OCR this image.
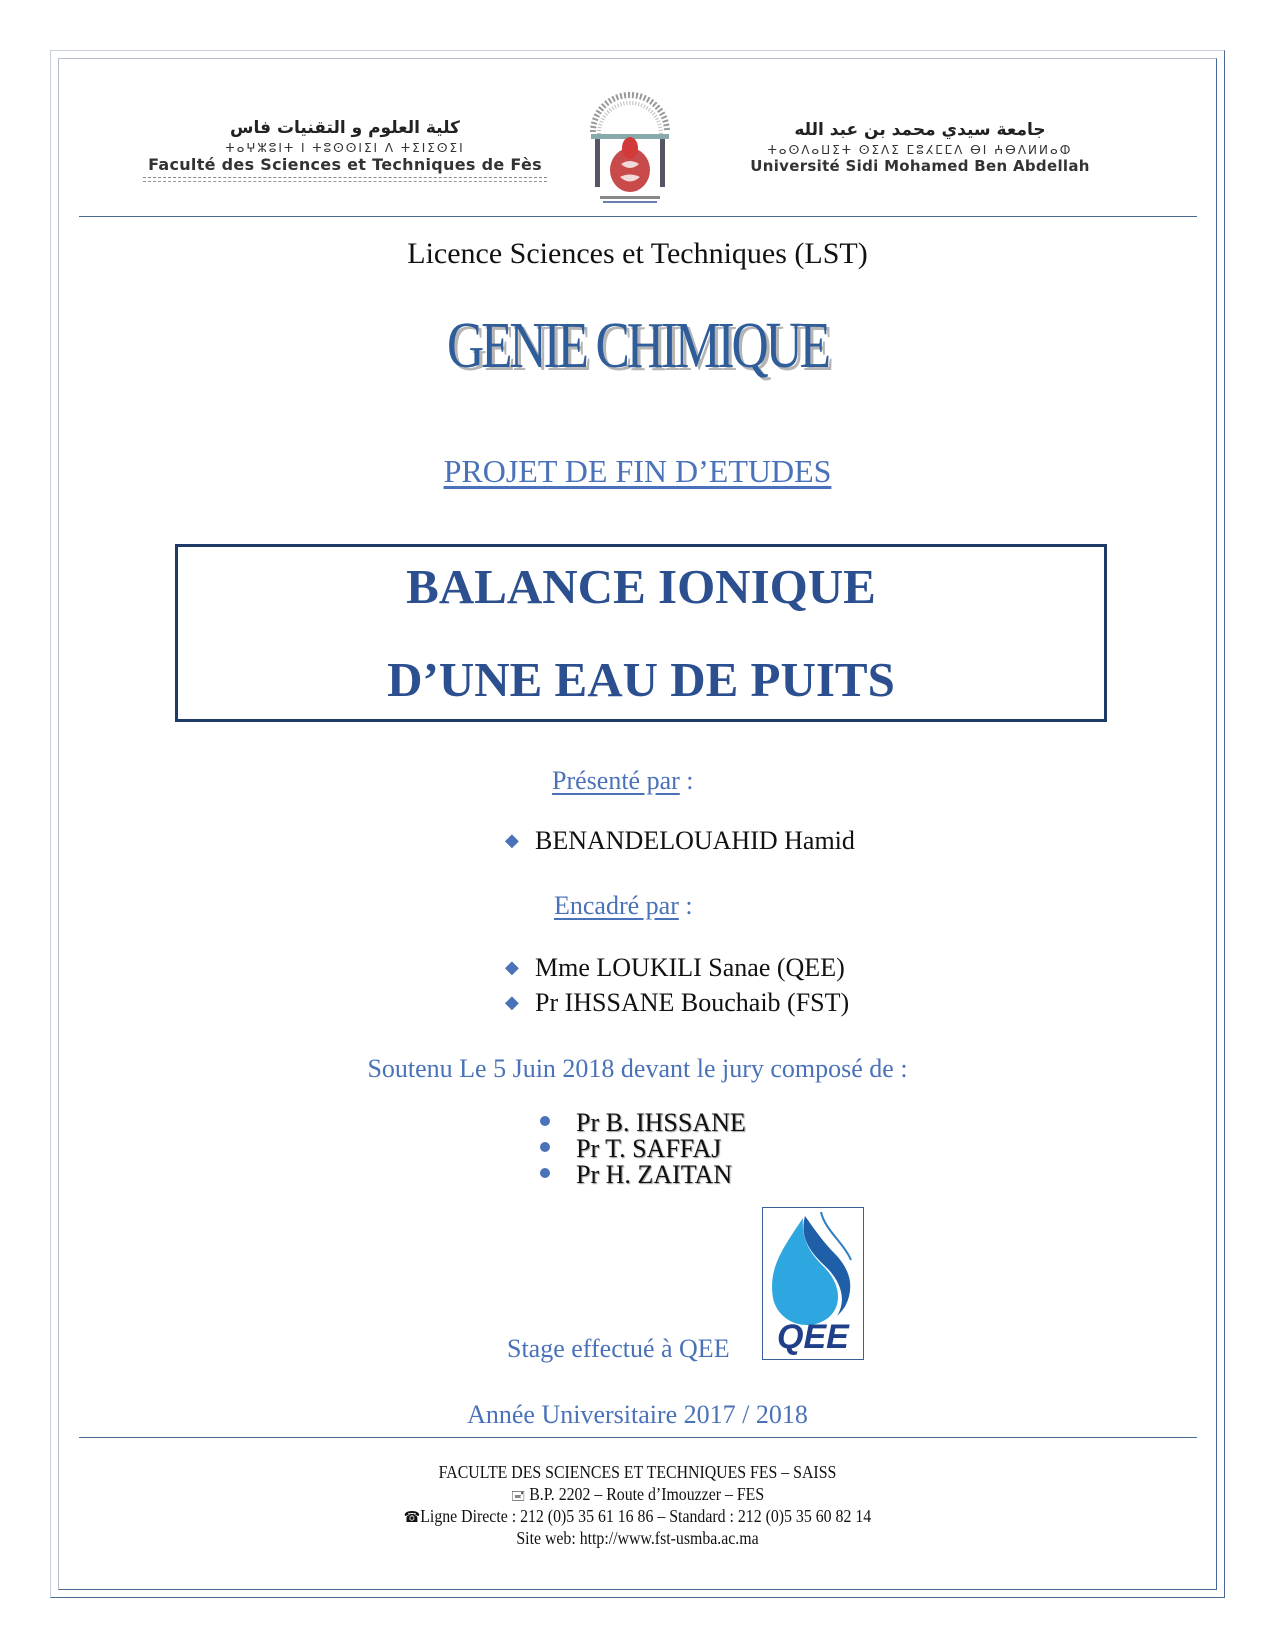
كلية العلوم و التقنيات فاس
ⵜⴰⵖⵣⵓⵏⵜ ⵏ ⵜⵓⵙⵙⵏⵉⵏ ⴷ ⵜⵉⵏⵉⵙⵉⵏ
Faculté des Sciences et Techniques de Fès
جامعة سيدي محمد بن عبد الله
ⵜⴰⵙⴷⴰⵡⵉⵜ ⵙⵉⴷⵉ ⵎⵓⵃⵎⵎⴷ ⴱⵏ ⵄⴱⴷⵍⵍⴰⵀ
Université Sidi Mohamed Ben Abdellah
Licence Sciences et Techniques (LST)
GENIE CHIMIQUE
PROJET DE FIN D’ETUDES
BALANCE IONIQUE
D’UNE EAU DE PUITS
Présenté par :
◆ BENANDELOUAHID Hamid
Encadré par :
◆ Mme LOUKILI Sanae (QEE)
◆ Pr IHSSANE Bouchaib (FST)
Soutenu Le 5 Juin 2018 devant le jury composé de :
Pr B. IHSSANE
Pr T. SAFFAJ
Pr H. ZAITAN
Stage effectué à QEE QEE
Année Universitaire 2017 / 2018
FACULTE DES SCIENCES ET TECHNIQUES FES – SAISS
🖃 B.P. 2202 – Route d’Imouzzer – FES
☎Ligne Directe : 212 (0)5 35 61 16 86 – Standard : 212 (0)5 35 60 82 14
Site web: http://www.fst-usmba.ac.ma
